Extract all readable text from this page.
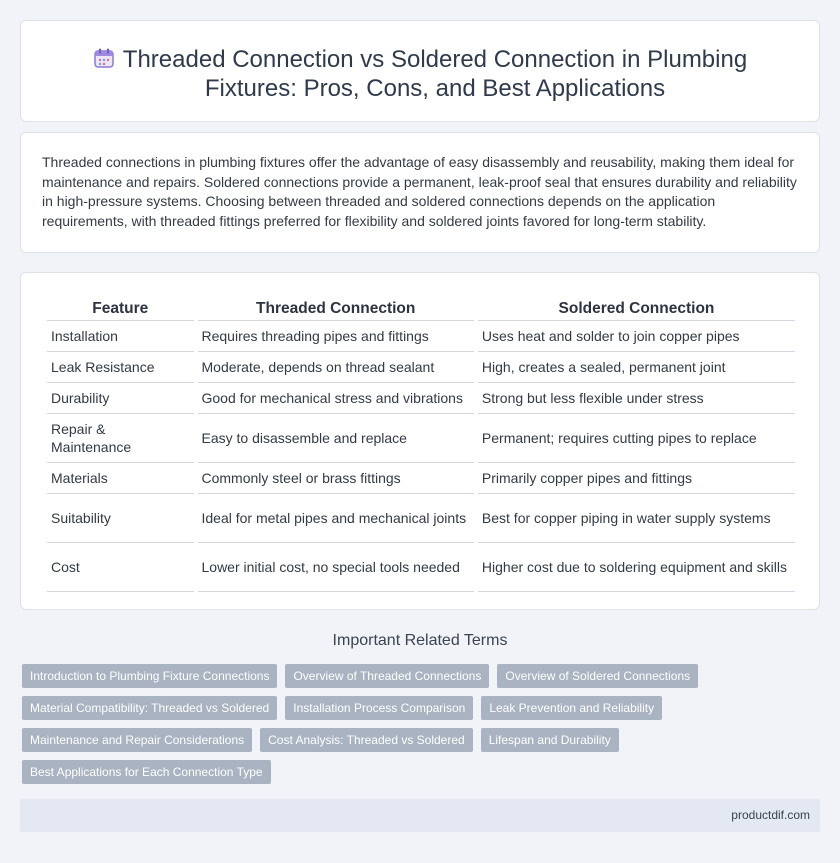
Threaded Connection vs Soldered Connection in Plumbing Fixtures: Pros, Cons, and Best Applications

Threaded connections in plumbing fixtures offer the advantage of easy disassembly and reusability, making them ideal for maintenance and repairs. Soldered connections provide a permanent, leak-proof seal that ensures durability and reliability in high-pressure systems. Choosing between threaded and soldered connections depends on the application requirements, with threaded fittings preferred for flexibility and soldered joints favored for long-term stability.

Feature	Threaded Connection	Soldered Connection
Installation	Requires threading pipes and fittings	Uses heat and solder to join copper pipes
Leak Resistance	Moderate, depends on thread sealant	High, creates a sealed, permanent joint
Durability	Good for mechanical stress and vibrations	Strong but less flexible under stress
Repair & Maintenance	Easy to disassemble and replace	Permanent; requires cutting pipes to replace
Materials	Commonly steel or brass fittings	Primarily copper pipes and fittings
Suitability	Ideal for metal pipes and mechanical joints	Best for copper piping in water supply systems
Cost	Lower initial cost, no special tools needed	Higher cost due to soldering equipment and skills
Important Related Terms
Introduction to Plumbing Fixture Connections	Overview of Threaded Connections	Overview of Soldered Connections
Material Compatibility: Threaded vs Soldered	Installation Process Comparison	Leak Prevention and Reliability
Maintenance and Repair Considerations	Cost Analysis: Threaded vs Soldered	Lifespan and Durability
Best Applications for Each Connection Type
productdif.com
